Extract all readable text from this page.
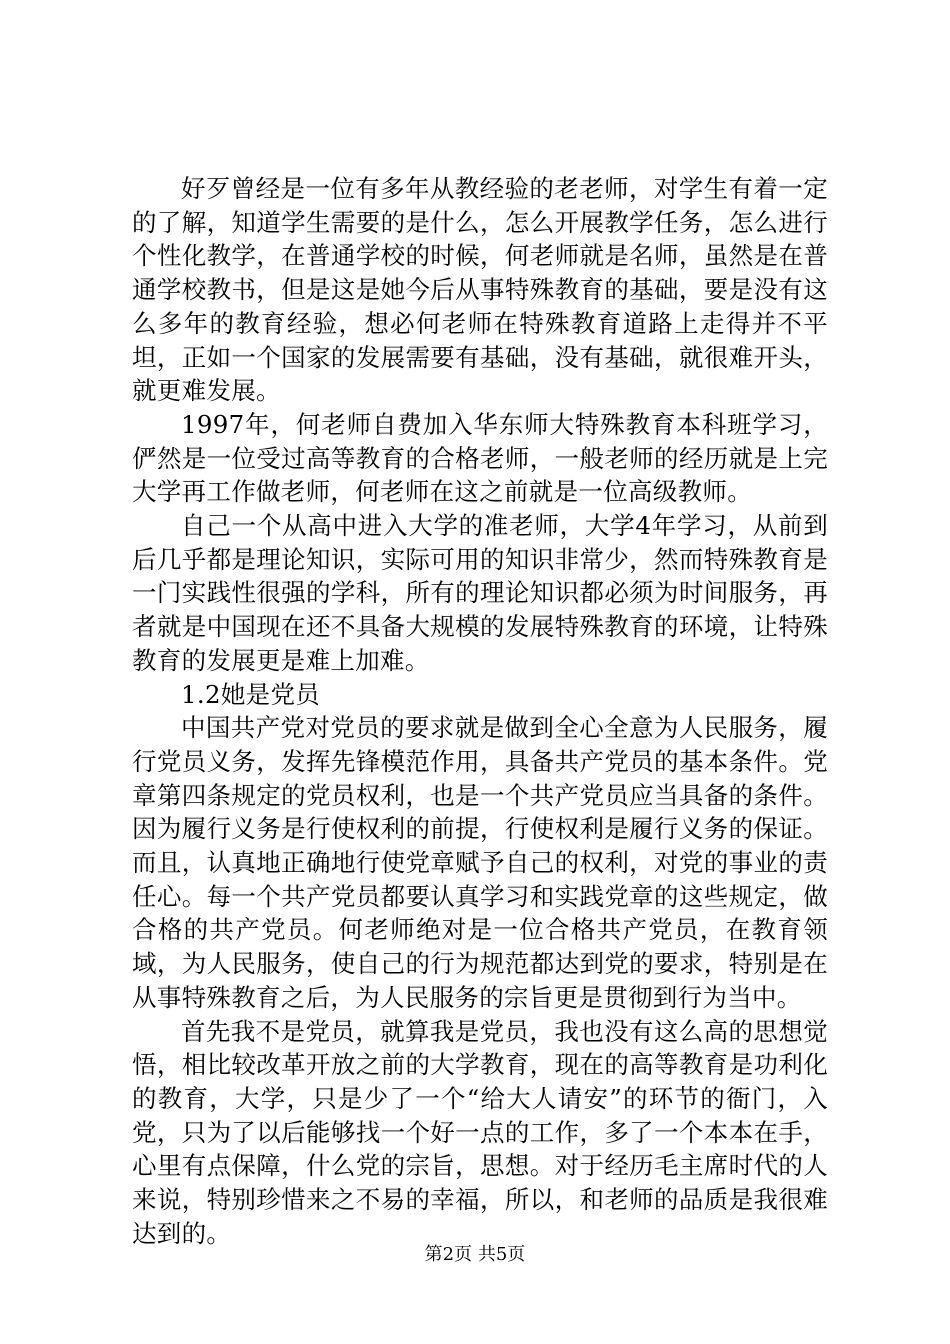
好歹曾经是一位有多年从教经验的老老师，对学生有着一定的了解，知道学生需要的是什么，怎么开展教学任务，怎么进行个性化教学，在普通学校的时候，何老师就是名师，虽然是在普通学校教书，但是这是她今后从事特殊教育的基础，要是没有这么多年的教育经验，想必何老师在特殊教育道路上走得并不平坦，正如一个国家的发展需要有基础，没有基础，就很难开头，就更难发展。

1997年，何老师自费加入华东师大特殊教育本科班学习，俨然是一位受过高等教育的合格老师，一般老师的经历就是上完大学再工作做老师，何老师在这之前就是一位高级教师。

自己一个从高中进入大学的准老师，大学4年学习，从前到后几乎都是理论知识，实际可用的知识非常少，然而特殊教育是一门实践性很强的学科，所有的理论知识都必须为时间服务，再者就是中国现在还不具备大规模的发展特殊教育的环境，让特殊教育的发展更是难上加难。

1.2她是党员

中国共产党对党员的要求就是做到全心全意为人民服务，履行党员义务，发挥先锋模范作用，具备共产党员的基本条件。党章第四条规定的党员权利，也是一个共产党员应当具备的条件。因为履行义务是行使权利的前提，行使权利是履行义务的保证。而且，认真地正确地行使党章赋予自己的权利，对党的事业的责任心。每一个共产党员都要认真学习和实践党章的这些规定，做合格的共产党员。何老师绝对是一位合格共产党员，在教育领域，为人民服务，使自己的行为规范都达到党的要求，特别是在从事特殊教育之后，为人民服务的宗旨更是贯彻到行为当中。

首先我不是党员，就算我是党员，我也没有这么高的思想觉悟，相比较改革开放之前的大学教育，现在的高等教育是功利化的教育，大学，只是少了一个“给大人请安”的环节的衙门，入党，只为了以后能够找一个好一点的工作，多了一个本本在手，心里有点保障，什么党的宗旨，思想。对于经历毛主席时代的人来说，特别珍惜来之不易的幸福，所以，和老师的品质是我很难达到的。

第2页 共5页
